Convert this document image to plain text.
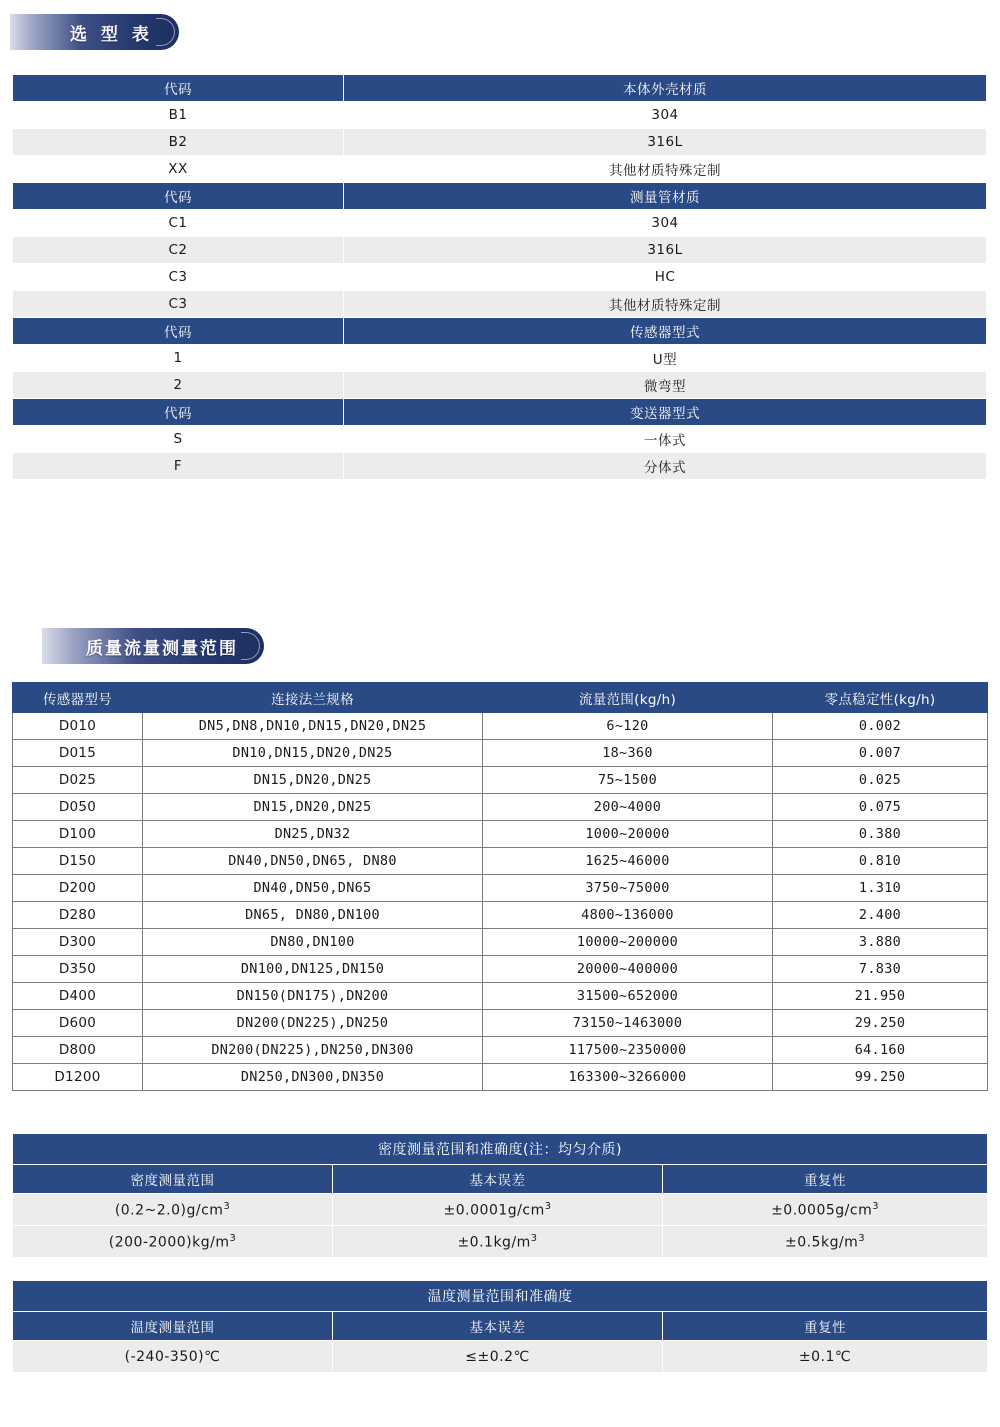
选 型 表
代码	本体外壳材质
B1	304
B2	316L
XX	其他材质特殊定制
代码	测量管材质
C1	304
C2	316L
C3	HC
C3	其他材质特殊定制
代码	传感器型式
1	U型
2	微弯型
代码	变送器型式
S	一体式
F	分体式
质量流量测量范围
传感器型号	连接法兰规格	流量范围(kg/h)	零点稳定性(kg/h)
D010	DN5,DN8,DN10,DN15,DN20,DN25	6~120	0.002
D015	DN10,DN15,DN20,DN25	18~360	0.007
D025	DN15,DN20,DN25	75~1500	0.025
D050	DN15,DN20,DN25	200~4000	0.075
D100	DN25,DN32	1000~20000	0.380
D150	DN40,DN50,DN65, DN80	1625~46000	0.810
D200	DN40,DN50,DN65	3750~75000	1.310
D280	DN65, DN80,DN100	4800~136000	2.400
D300	DN80,DN100	10000~200000	3.880
D350	DN100,DN125,DN150	20000~400000	7.830
D400	DN150(DN175),DN200	31500~652000	21.950
D600	DN200(DN225),DN250	73150~1463000	29.250
D800	DN200(DN225),DN250,DN300	117500~2350000	64.160
D1200	DN250,DN300,DN350	163300~3266000	99.250
密度测量范围和准确度(注：均匀介质)		
密度测量范围	基本误差	重复性
$(0.2\sim 2.0)g/cm^3$	$\pm 0.0001g/cm^3$	$\pm 0.0005g/cm^3$
$(200-2000)kg/m^3$	$\pm 0.1kg/m^3$	$\pm 0.5kg/m^3$
温度测量范围和准确度		
温度测量范围	基本误差	重复性
(-240-350)℃	≤±0.2℃	±0.1℃
